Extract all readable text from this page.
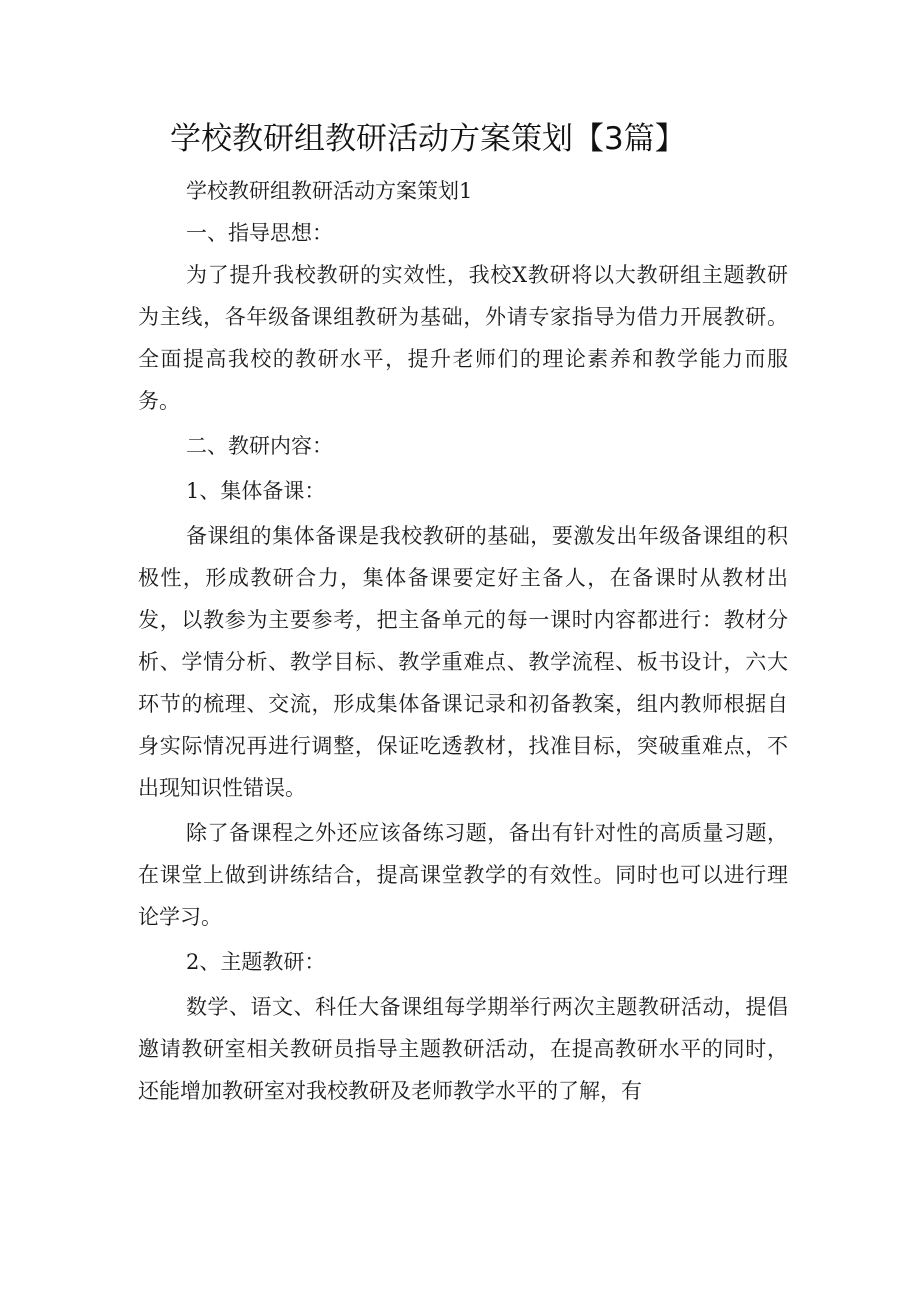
学校教研组教研活动方案策划【3篇】

学校教研组教研活动方案策划1

一、指导思想：

为了提升我校教研的实效性，我校X教研将以大教研组主题教研为主线，各年级备课组教研为基础，外请专家指导为借力开展教研。全面提高我校的教研水平，提升老师们的理论素养和教学能力而服务。

二、教研内容：

1、集体备课：

备课组的集体备课是我校教研的基础，要激发出年级备课组的积极性，形成教研合力，集体备课要定好主备人，在备课时从教材出发，以教参为主要参考，把主备单元的每一课时内容都进行：教材分析、学情分析、教学目标、教学重难点、教学流程、板书设计，六大环节的梳理、交流，形成集体备课记录和初备教案，组内教师根据自身实际情况再进行调整，保证吃透教材，找准目标，突破重难点，不出现知识性错误。

除了备课程之外还应该备练习题，备出有针对性的高质量习题，在课堂上做到讲练结合，提高课堂教学的有效性。同时也可以进行理论学习。

2、主题教研：

数学、语文、科任大备课组每学期举行两次主题教研活动，提倡邀请教研室相关教研员指导主题教研活动，在提高教研水平的同时，还能增加教研室对我校教研及老师教学水平的了解，有
